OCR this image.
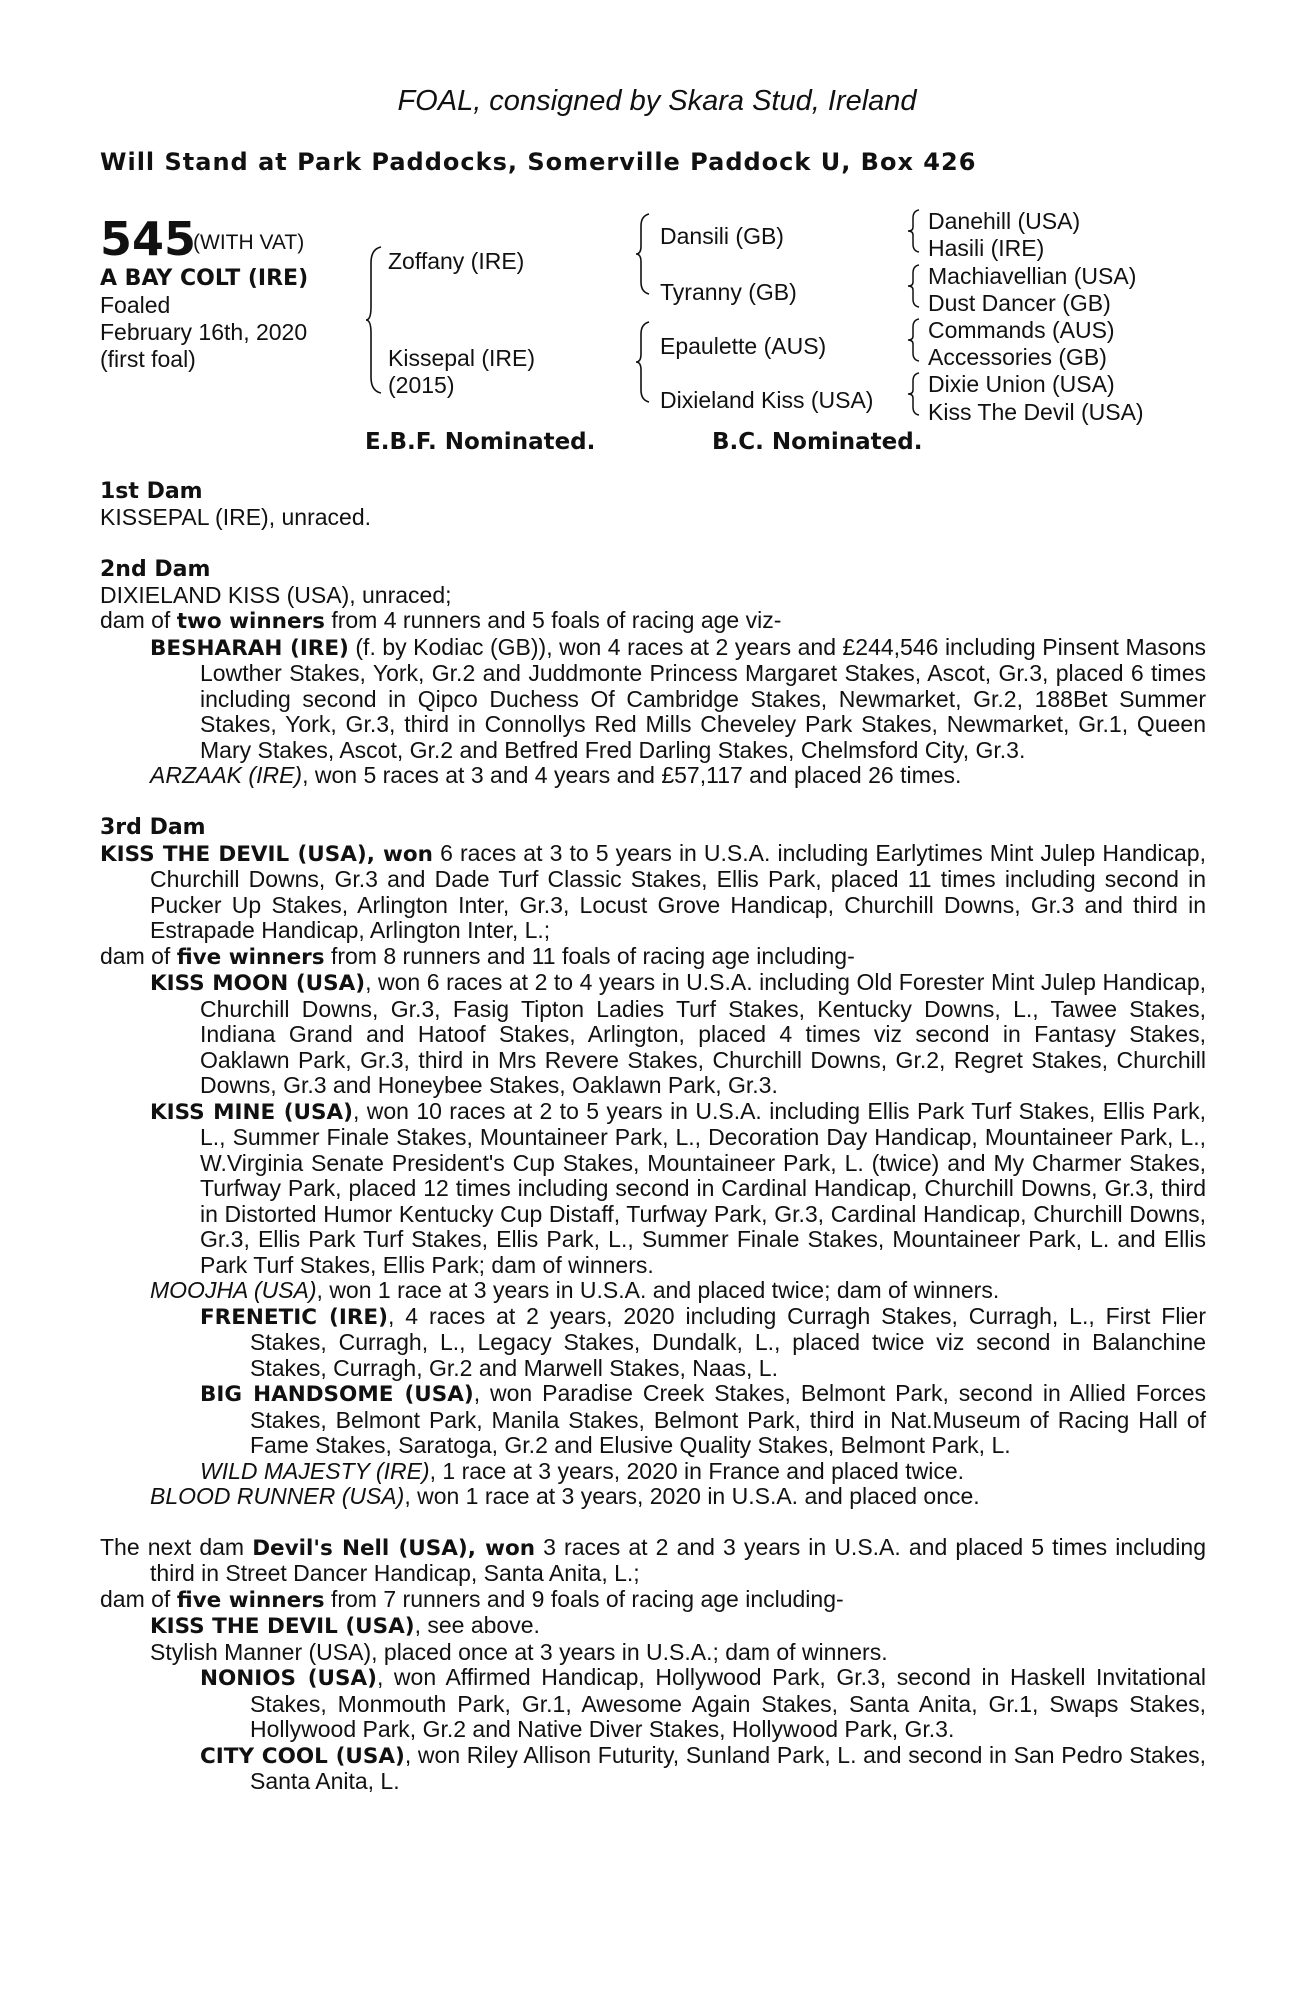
FOAL, consigned by Skara Stud, Ireland
Will Stand at Park Paddocks, Somerville Paddock U, Box 426
545
(WITH VAT)
A BAY COLT (IRE)
Foaled
February 16th, 2020
(first foal)
Zoffany (IRE)
Kissepal (IRE)
(2015)
Dansili (GB)
Tyranny (GB)
Epaulette (AUS)
Dixieland Kiss (USA)
Danehill (USA)
Hasili (IRE)
Machiavellian (USA)
Dust Dancer (GB)
Commands (AUS)
Accessories (GB)
Dixie Union (USA)
Kiss The Devil (USA)
E.B.F. Nominated.	B.C. Nominated.

1st Dam

KISSEPAL (IRE), unraced.

2nd Dam

DIXIELAND KISS (USA), unraced;

dam of two winners from 4 runners and 5 foals of racing age viz-

BESHARAH (IRE) (f. by Kodiac (GB)), won 4 races at 2 years and £244,546 including Pinsent Masons Lowther Stakes, York, Gr.2 and Juddmonte Princess Margaret Stakes, Ascot, Gr.3, placed 6 times including second in Qipco Duchess Of Cambridge Stakes, Newmarket, Gr.2, 188Bet Summer Stakes, York, Gr.3, third in Connollys Red Mills Cheveley Park Stakes, Newmarket, Gr.1, Queen Mary Stakes, Ascot, Gr.2 and Betfred Fred Darling Stakes, Chelmsford City, Gr.3.

ARZAAK (IRE), won 5 races at 3 and 4 years and £57,117 and placed 26 times.

3rd Dam

KISS THE DEVIL (USA), won 6 races at 3 to 5 years in U.S.A. including Earlytimes Mint Julep Handicap, Churchill Downs, Gr.3 and Dade Turf Classic Stakes, Ellis Park, placed 11 times including second in Pucker Up Stakes, Arlington Inter, Gr.3, Locust Grove Handicap, Churchill Downs, Gr.3 and third in Estrapade Handicap, Arlington Inter, L.;

dam of five winners from 8 runners and 11 foals of racing age including-

KISS MOON (USA), won 6 races at 2 to 4 years in U.S.A. including Old Forester Mint Julep Handicap, Churchill Downs, Gr.3, Fasig Tipton Ladies Turf Stakes, Kentucky Downs, L., Tawee Stakes, Indiana Grand and Hatoof Stakes, Arlington, placed 4 times viz second in Fantasy Stakes, Oaklawn Park, Gr.3, third in Mrs Revere Stakes, Churchill Downs, Gr.2, Regret Stakes, Churchill Downs, Gr.3 and Honeybee Stakes, Oaklawn Park, Gr.3.

KISS MINE (USA), won 10 races at 2 to 5 years in U.S.A. including Ellis Park Turf Stakes, Ellis Park, L., Summer Finale Stakes, Mountaineer Park, L., Decoration Day Handicap, Mountaineer Park, L., W.Virginia Senate President's Cup Stakes, Mountaineer Park, L. (twice) and My Charmer Stakes, Turfway Park, placed 12 times including second in Cardinal Handicap, Churchill Downs, Gr.3, third in Distorted Humor Kentucky Cup Distaff, Turfway Park, Gr.3, Cardinal Handicap, Churchill Downs, Gr.3, Ellis Park Turf Stakes, Ellis Park, L., Summer Finale Stakes, Mountaineer Park, L. and Ellis Park Turf Stakes, Ellis Park; dam of winners.

MOOJHA (USA), won 1 race at 3 years in U.S.A. and placed twice; dam of winners.

FRENETIC (IRE), 4 races at 2 years, 2020 including Curragh Stakes, Curragh, L., First Flier Stakes, Curragh, L., Legacy Stakes, Dundalk, L., placed twice viz second in Balanchine Stakes, Curragh, Gr.2 and Marwell Stakes, Naas, L.

BIG HANDSOME (USA), won Paradise Creek Stakes, Belmont Park, second in Allied Forces Stakes, Belmont Park, Manila Stakes, Belmont Park, third in Nat.Museum of Racing Hall of Fame Stakes, Saratoga, Gr.2 and Elusive Quality Stakes, Belmont Park, L.

WILD MAJESTY (IRE), 1 race at 3 years, 2020 in France and placed twice.

BLOOD RUNNER (USA), won 1 race at 3 years, 2020 in U.S.A. and placed once.

The next dam Devil's Nell (USA), won 3 races at 2 and 3 years in U.S.A. and placed 5 times including third in Street Dancer Handicap, Santa Anita, L.;

dam of five winners from 7 runners and 9 foals of racing age including-

KISS THE DEVIL (USA), see above.

Stylish Manner (USA), placed once at 3 years in U.S.A.; dam of winners.

NONIOS (USA), won Affirmed Handicap, Hollywood Park, Gr.3, second in Haskell Invitational Stakes, Monmouth Park, Gr.1, Awesome Again Stakes, Santa Anita, Gr.1, Swaps Stakes, Hollywood Park, Gr.2 and Native Diver Stakes, Hollywood Park, Gr.3.

CITY COOL (USA), won Riley Allison Futurity, Sunland Park, L. and second in San Pedro Stakes, Santa Anita, L.
